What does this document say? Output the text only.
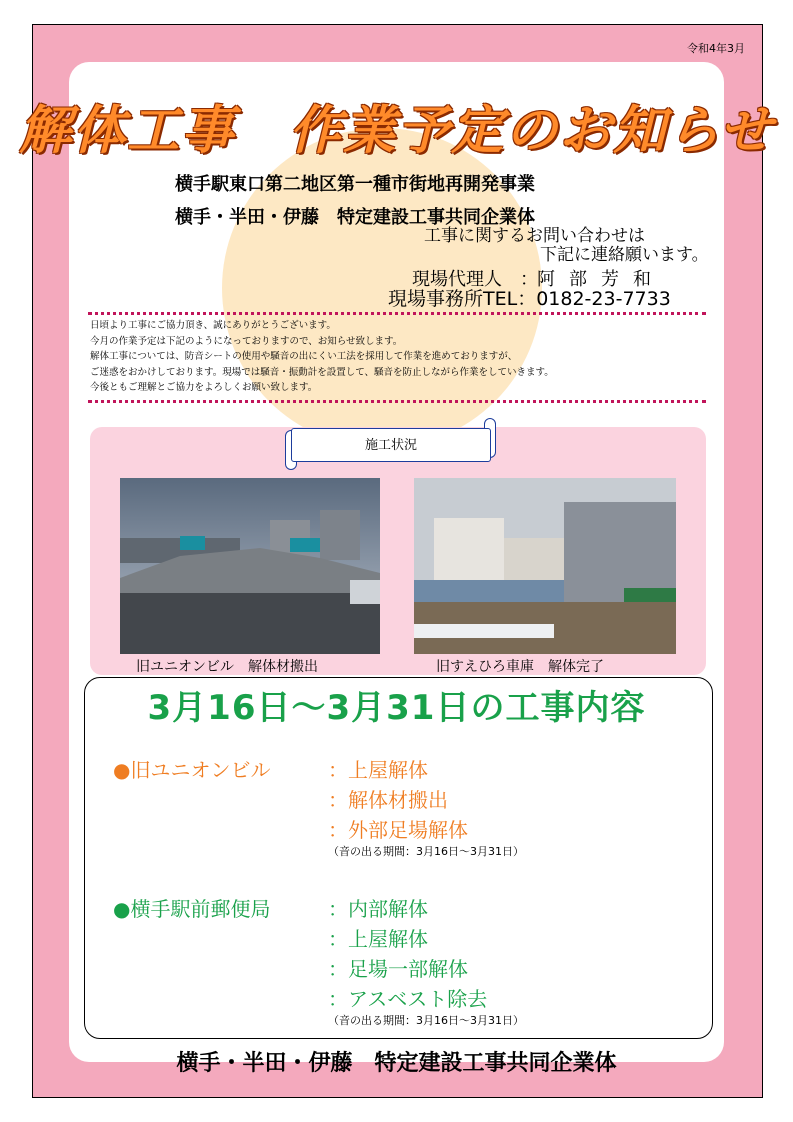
令和4年3月
解体工事　作業予定のお知らせ
横手駅東口第二地区第一種市街地再開発事業
横手・半田・伊藤　特定建設工事共同企業体
工事に関するお問い合わせは
下記に連絡願います。
現場代理人　： 阿部芳和
現場事務所TEL：0182-23-7733
日頃より工事にご協力頂き、誠にありがとうございます。
今月の作業予定は下記のようになっておりますので、お知らせ致します。
解体工事については、防音シートの使用や騒音の出にくい工法を採用して作業を進めておりますが、
ご迷惑をおかけしております。現場では騒音・振動計を設置して、騒音を防止しながら作業をしていきます。
今後ともご理解とご協力をよろしくお願い致します。
施工状況
旧ユニオンビル　解体材搬出	旧すえひろ車庫　解体完了
3月16日～3月31日の工事内容
●旧ユニオンビル	：上屋解体
：解体材搬出
：外部足場解体
（音の出る期間：3月16日～3月31日）
●横手駅前郵便局	：内部解体
：上屋解体
：足場一部解体
：アスベスト除去
（音の出る期間：3月16日～3月31日）
横手・半田・伊藤　特定建設工事共同企業体
